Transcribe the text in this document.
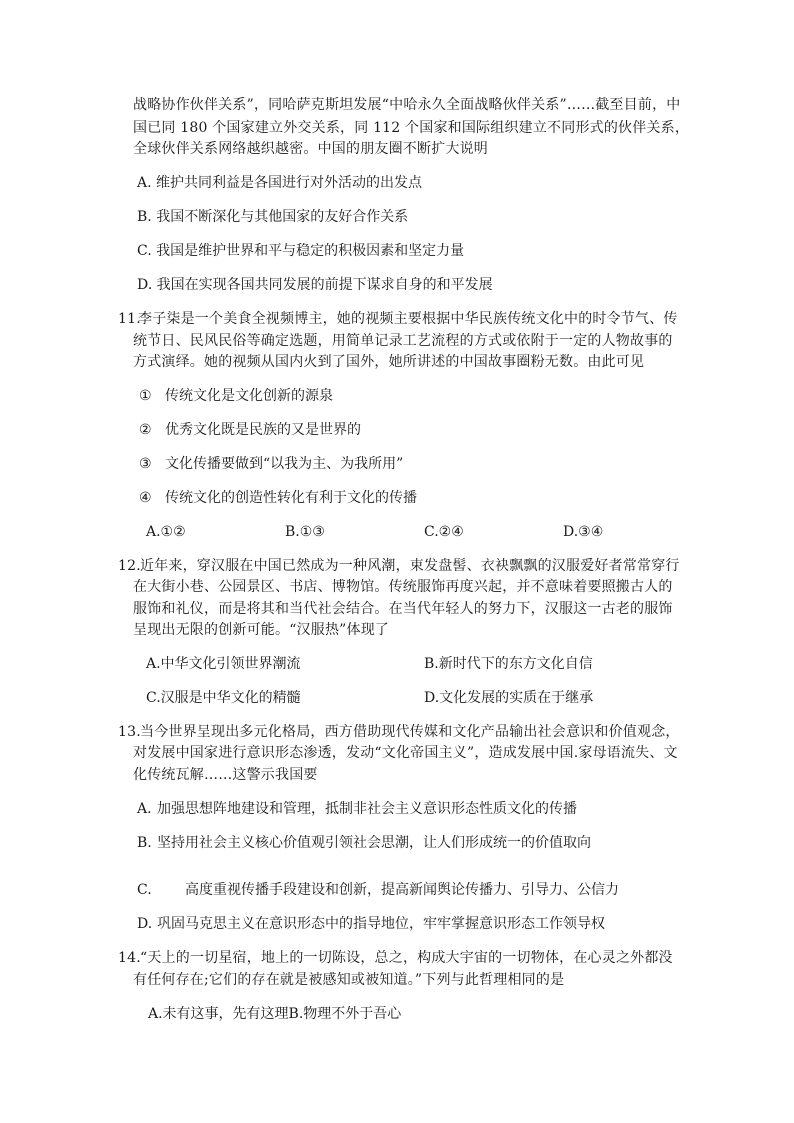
战略协作伙伴关系”，同哈萨克斯坦发展“中哈永久全面战略伙伴关系”……截至目前，中
国已同 180 个国家建立外交关系，同 112 个国家和国际组织建立不同形式的伙伴关系，
全球伙伴关系网络越织越密。中国的朋友圈不断扩大说明
A. 维护共同利益是各国进行对外活动的出发点
B. 我国不断深化与其他国家的友好合作关系
C. 我国是维护世界和平与稳定的积极因素和坚定力量
D. 我国在实现各国共同发展的前提下谋求自身的和平发展
11.
李子柒是一个美食全视频博主，她的视频主要根据中华民族传统文化中的时令节气、传
统节日、民风民俗等确定选题，用简单记录工艺流程的方式或依附于一定的人物故事的
方式演绎。她的视频从国内火到了国外，她所讲述的中国故事圈粉无数。由此可见
① 传统文化是文化创新的源泉
② 优秀文化既是民族的又是世界的
③ 文化传播要做到“以我为主、为我所用”
④ 传统文化的创造性转化有利于文化的传播
A.①②	B.①③	C.②④	D.③④
12. 近年来，穿汉服在中国已然成为一种风潮，束发盘髻、衣袂飘飘的汉服爱好者常常穿行
在大街小巷、公园景区、书店、博物馆。传统服饰再度兴起，并不意味着要照搬古人的
服饰和礼仪，而是将其和当代社会结合。在当代年轻人的努力下，汉服这一古老的服饰
呈现出无限的创新可能。“汉服热”体现了
A.中华文化引领世界潮流	B.新时代下的东方文化自信
C.汉服是中华文化的精髓	D.文化发展的实质在于继承
13. 当今世界呈现出多元化格局，西方借助现代传媒和文化产品输出社会意识和价值观念，
对发展中国家进行意识形态渗透，发动“文化帝国主义”，造成发展中国.家母语流失、文
化传统瓦解……这警示我国要
A. 加强思想阵地建设和管理，抵制非社会主义意识形态性质文化的传播
B. 坚持用社会主义核心价值观引领社会思潮，让人们形成统一的价值取向
C. 高度重视传播手段建设和创新，提高新闻舆论传播力、引导力、公信力
D. 巩固马克思主义在意识形态中的指导地位，牢牢掌握意识形态工作领导权
14. “天上的一切星宿，地上的一切陈设，总之，构成大宇宙的一切物体，在心灵之外都没
有任何存在;它们的存在就是被感知或被知道。”下列与此哲理相同的是
A.未有这事，先有这理B.物理不外于吾心
